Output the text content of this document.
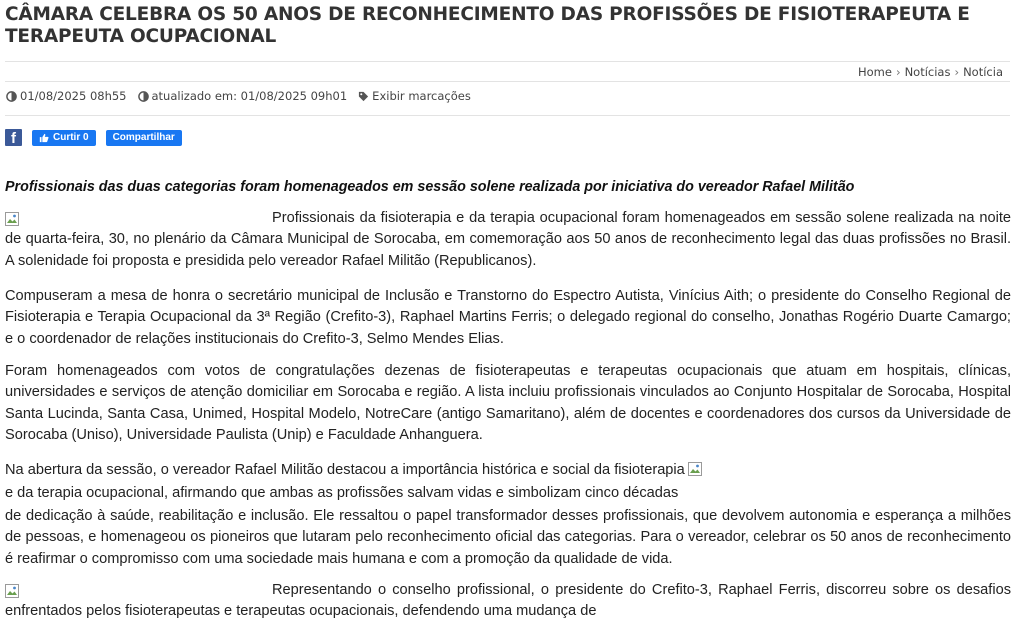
CÂMARA CELEBRA OS 50 ANOS DE RECONHECIMENTO DAS PROFISSÕES DE FISIOTERAPEUTA E TERAPEUTA OCUPACIONAL
Home › Notícias › Notícia
01/08/2025 08h55 atualizado em: 01/08/2025 09h01 Exibir marcações
f	Curtir 0 Compartilhar

Profissionais das duas categorias foram homenageados em sessão solene realizada por iniciativa do vereador Rafael Militão

Profissionais da fisioterapia e da terapia ocupacional foram homenageados em sessão solene realizada na noite de quarta-feira, 30, no plenário da Câmara Municipal de Sorocaba, em comemoração aos 50 anos de reconhecimento legal das duas profissões no Brasil. A solenidade foi proposta e presidida pelo vereador Rafael Militão (Republicanos).

Compuseram a mesa de honra o secretário municipal de Inclusão e Transtorno do Espectro Autista, Vinícius Aith; o presidente do Conselho Regional de Fisioterapia e Terapia Ocupacional da 3ª Região (Crefito-3), Raphael Martins Ferris; o delegado regional do conselho, Jonathas Rogério Duarte Camargo; e o coordenador de relações institucionais do Crefito-3, Selmo Mendes Elias.

Foram homenageados com votos de congratulações dezenas de fisioterapeutas e terapeutas ocupacionais que atuam em hospitais, clínicas, universidades e serviços de atenção domiciliar em Sorocaba e região. A lista incluiu profissionais vinculados ao Conjunto Hospitalar de Sorocaba, Hospital Santa Lucinda, Santa Casa, Unimed, Hospital Modelo, NotreCare (antigo Samaritano), além de docentes e coordenadores dos cursos da Universidade de Sorocaba (Uniso), Universidade Paulista (Unip) e Faculdade Anhanguera.

Na abertura da sessão, o vereador Rafael Militão destacou a importância histórica e social da fisioterapia

e da terapia ocupacional, afirmando que ambas as profissões salvam vidas e simbolizam cinco décadas

de dedicação à saúde, reabilitação e inclusão. Ele ressaltou o papel transformador desses profissionais, que devolvem autonomia e esperança a milhões de pessoas, e homenageou os pioneiros que lutaram pelo reconhecimento oficial das categorias. Para o vereador, celebrar os 50 anos de reconhecimento é reafirmar o compromisso com uma sociedade mais humana e com a promoção da qualidade de vida.

Representando o conselho profissional, o presidente do Crefito-3, Raphael Ferris, discorreu sobre os desafios enfrentados pelos fisioterapeutas e terapeutas ocupacionais, defendendo uma mudança de
